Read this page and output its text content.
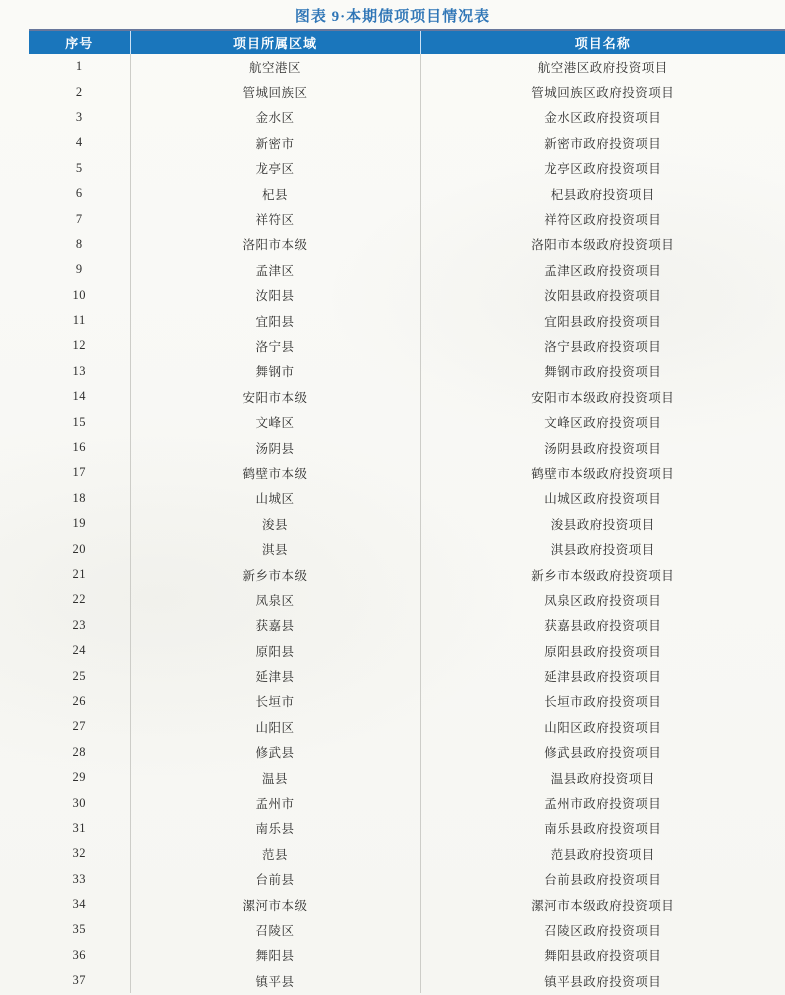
图表 9·本期债项项目情况表
序号	项目所属区域	项目名称
1	航空港区	航空港区政府投资项目
2	管城回族区	管城回族区政府投资项目
3	金水区	金水区政府投资项目
4	新密市	新密市政府投资项目
5	龙亭区	龙亭区政府投资项目
6	杞县	杞县政府投资项目
7	祥符区	祥符区政府投资项目
8	洛阳市本级	洛阳市本级政府投资项目
9	孟津区	孟津区政府投资项目
10	汝阳县	汝阳县政府投资项目
11	宜阳县	宜阳县政府投资项目
12	洛宁县	洛宁县政府投资项目
13	舞钢市	舞钢市政府投资项目
14	安阳市本级	安阳市本级政府投资项目
15	文峰区	文峰区政府投资项目
16	汤阴县	汤阴县政府投资项目
17	鹤壁市本级	鹤壁市本级政府投资项目
18	山城区	山城区政府投资项目
19	浚县	浚县政府投资项目
20	淇县	淇县政府投资项目
21	新乡市本级	新乡市本级政府投资项目
22	凤泉区	凤泉区政府投资项目
23	获嘉县	获嘉县政府投资项目
24	原阳县	原阳县政府投资项目
25	延津县	延津县政府投资项目
26	长垣市	长垣市政府投资项目
27	山阳区	山阳区政府投资项目
28	修武县	修武县政府投资项目
29	温县	温县政府投资项目
30	孟州市	孟州市政府投资项目
31	南乐县	南乐县政府投资项目
32	范县	范县政府投资项目
33	台前县	台前县政府投资项目
34	漯河市本级	漯河市本级政府投资项目
35	召陵区	召陵区政府投资项目
36	舞阳县	舞阳县政府投资项目
37	镇平县	镇平县政府投资项目
